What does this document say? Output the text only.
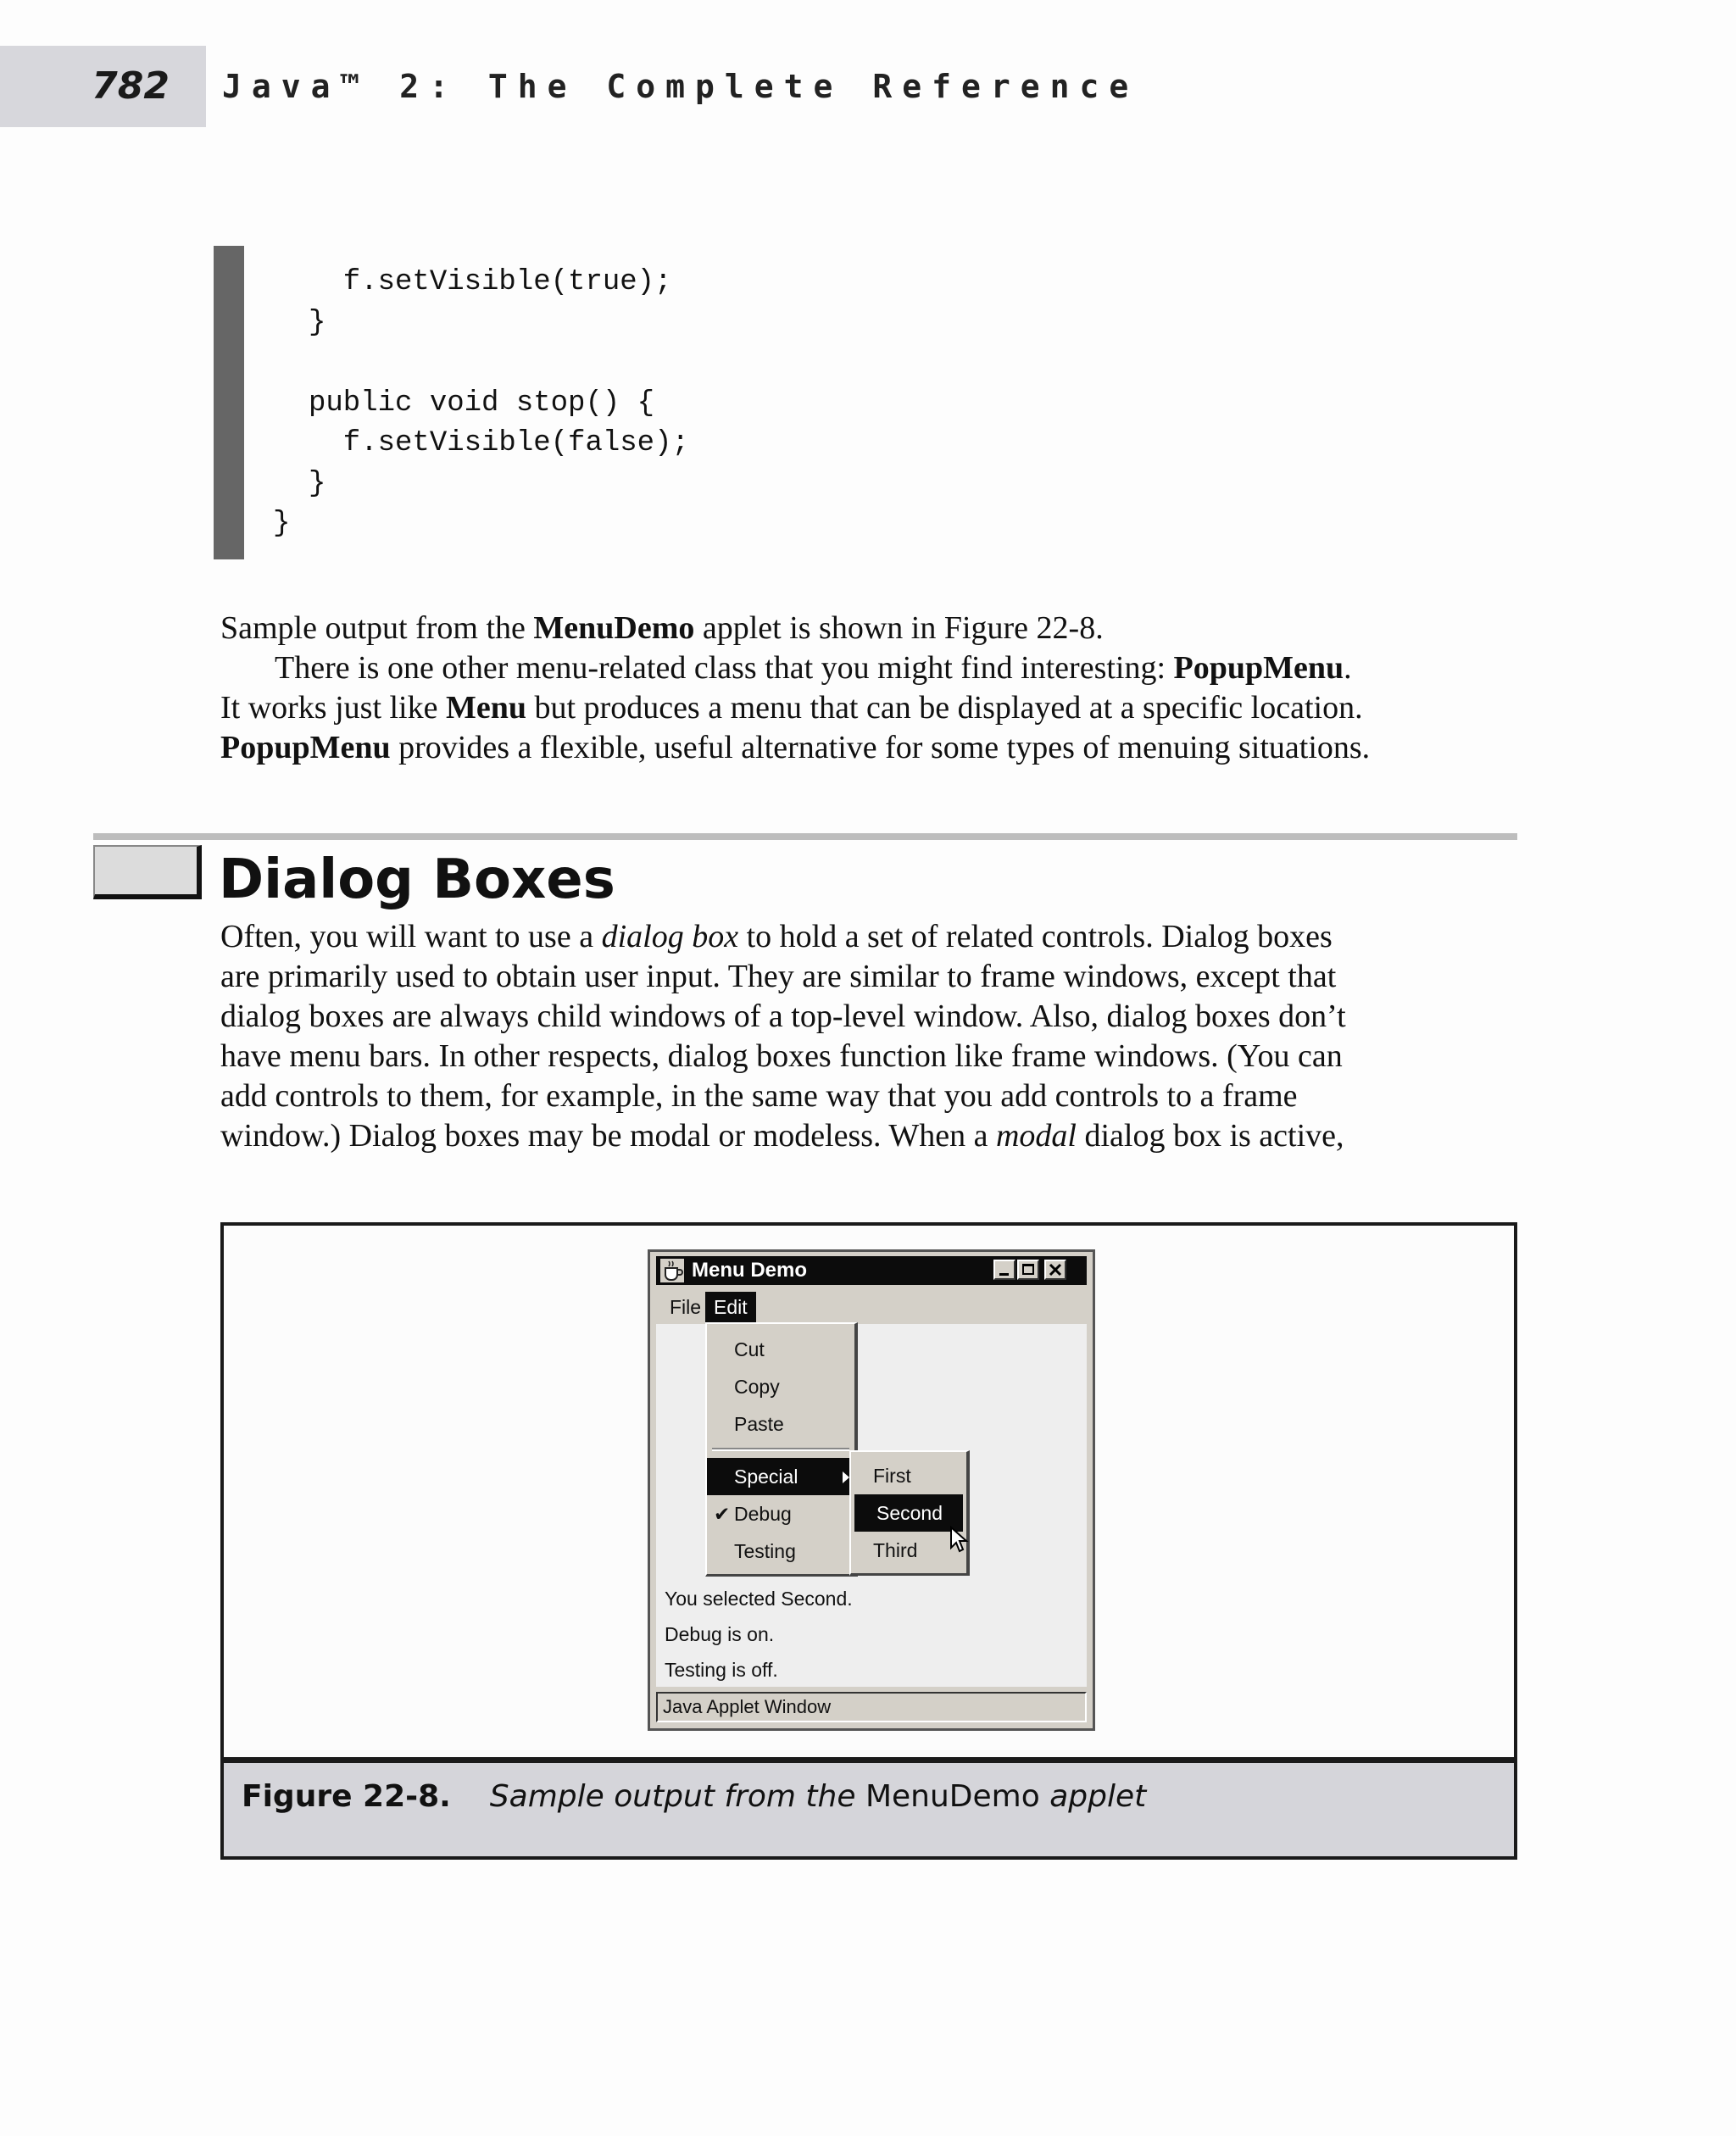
782 Java™ 2: The Complete Reference
f.setVisible(true);
}

public void stop() {
f.setVisible(false);
}
}
Sample output from the MenuDemo applet is shown in Figure 22-8.
There is one other menu-related class that you might find interesting: PopupMenu.
It works just like Menu but produces a menu that can be displayed at a specific location.
PopupMenu provides a flexible, useful alternative for some types of menuing situations.
Dialog Boxes
Often, you will want to use a dialog box to hold a set of related controls. Dialog boxes
are primarily used to obtain user input. They are similar to frame windows, except that
dialog boxes are always child windows of a top-level window. Also, dialog boxes don’t
have menu bars. In other respects, dialog boxes function like frame windows. (You can
add controls to them, for example, in the same way that you add controls to a frame
window.) Dialog boxes may be modal or modeless. When a modal dialog box is active,
Menu Demo
File Edit
Cut
Copy
Paste
Special
✔ Debug
Testing
First
Second
Third
You selected Second.
Debug is on.
Testing is off.
Java Applet Window
Figure 22-8. Sample output from the MenuDemo applet
